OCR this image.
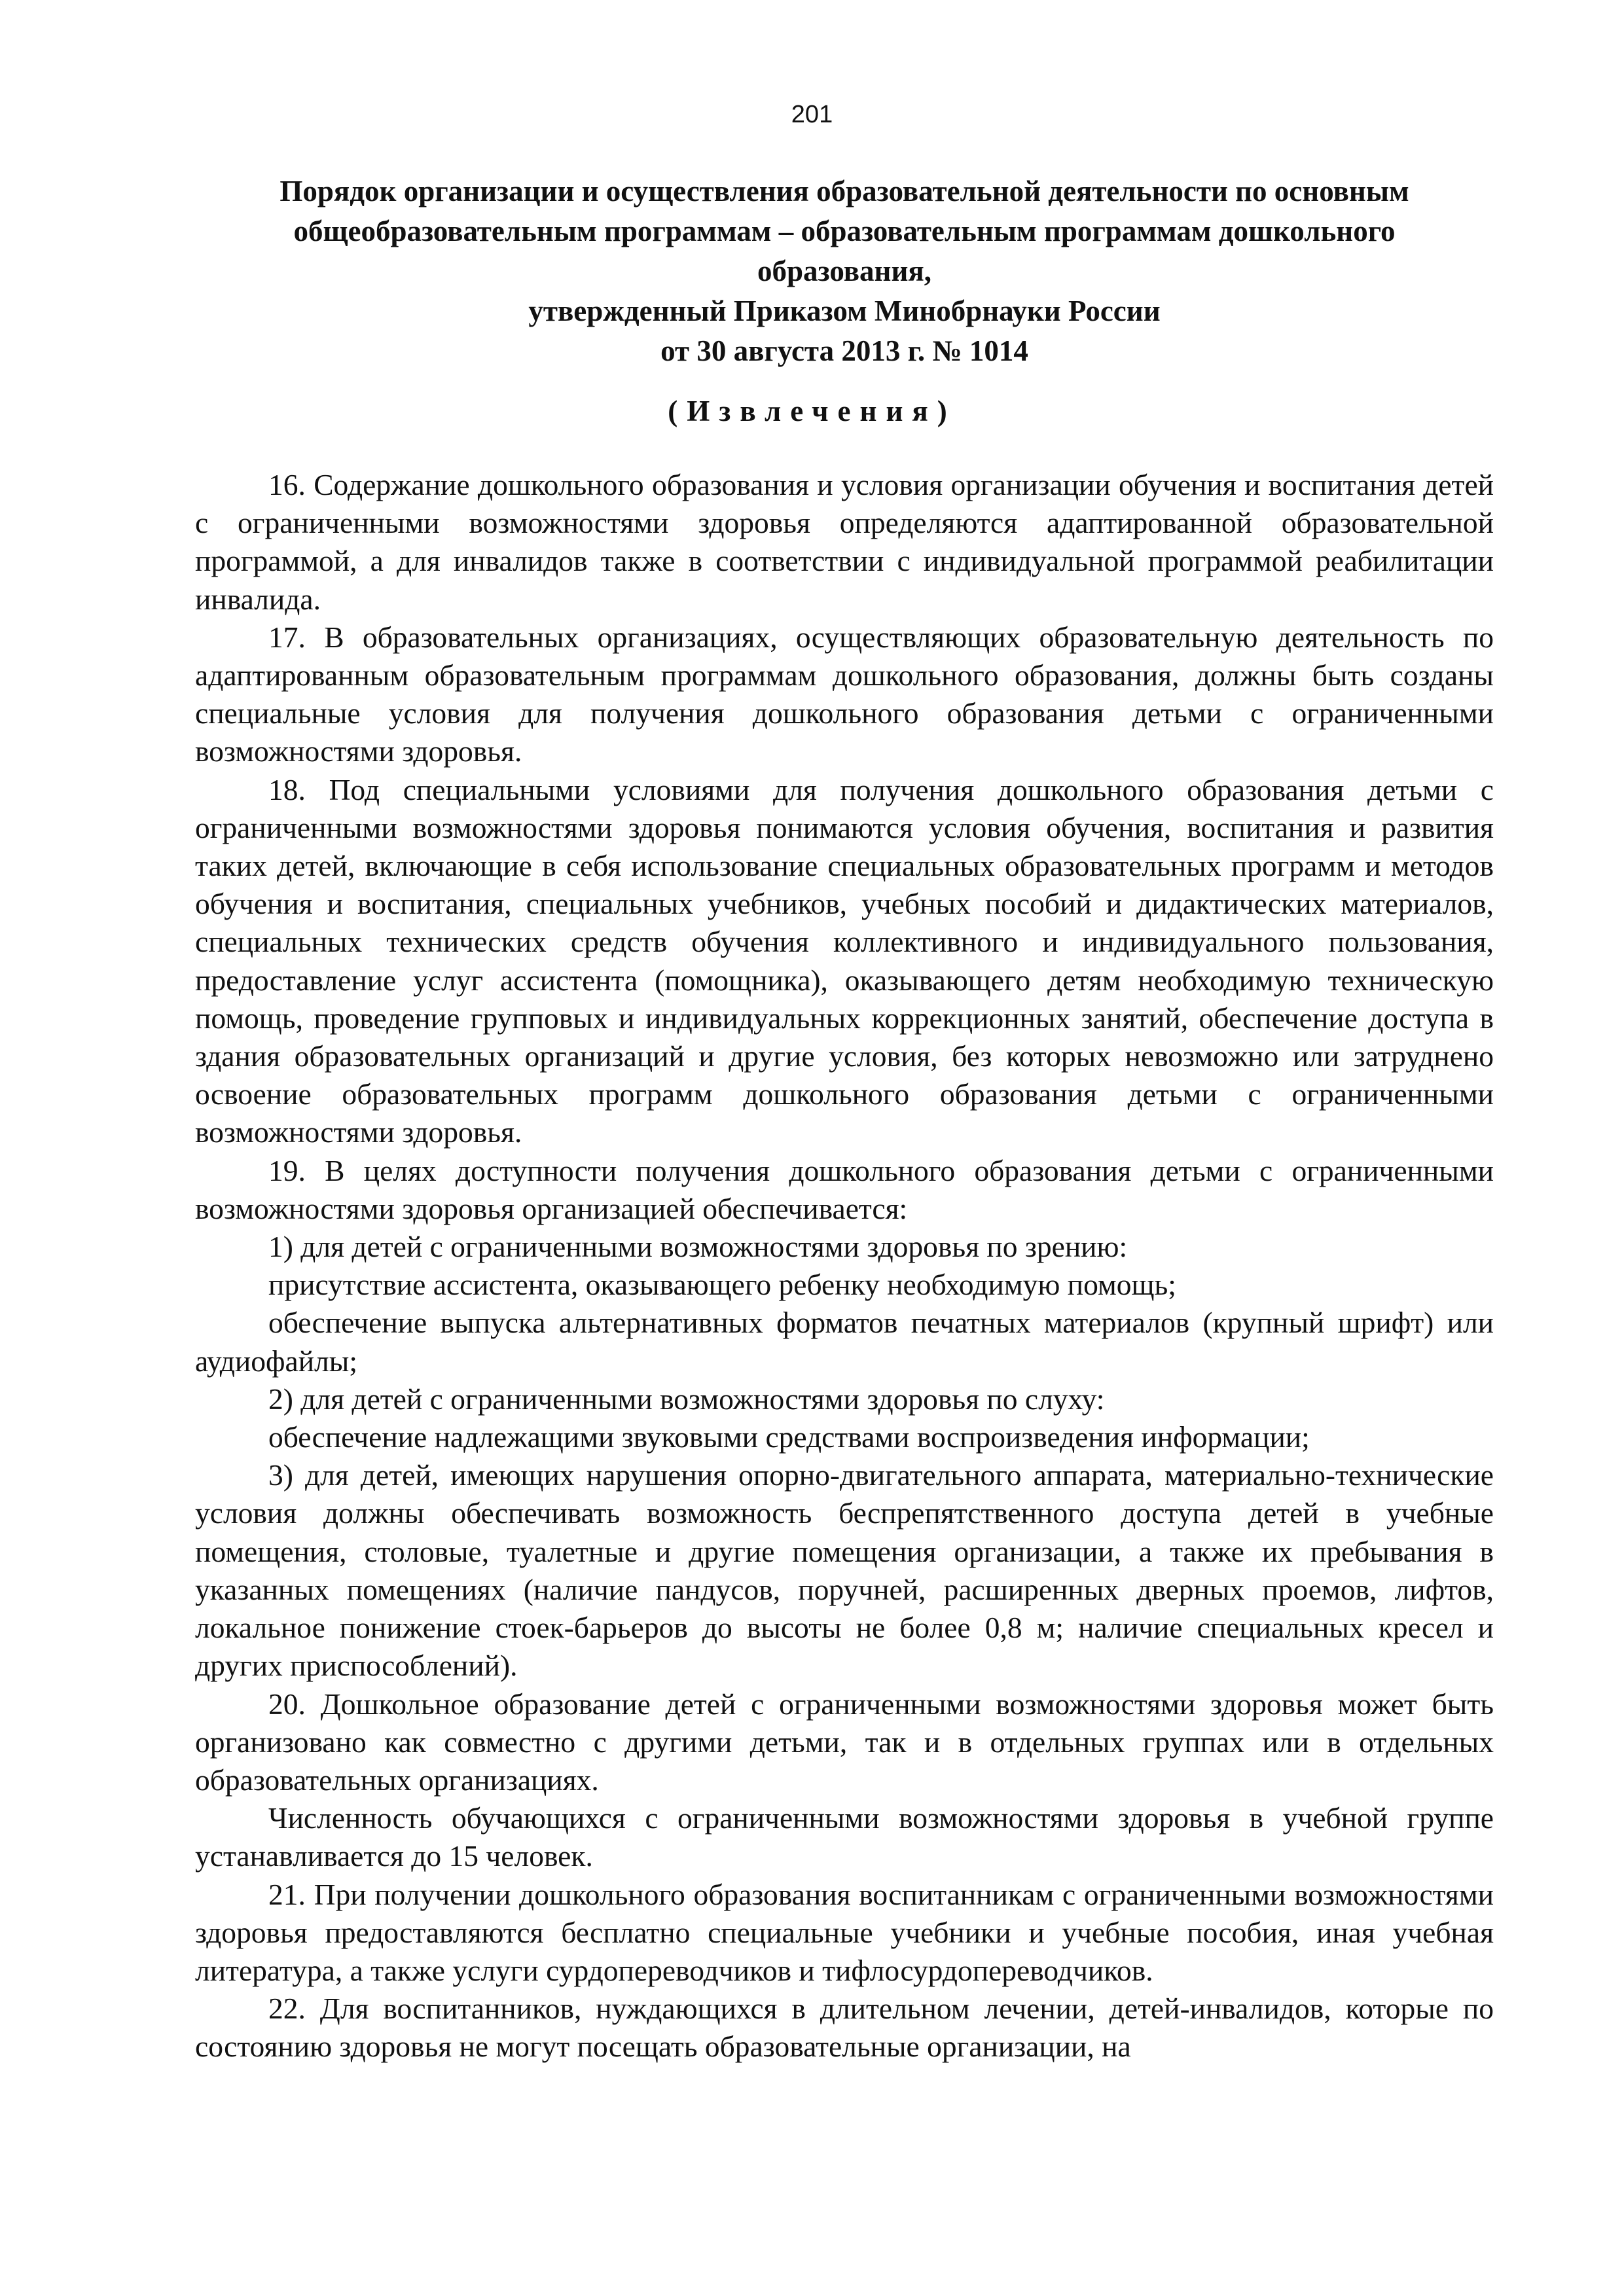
201
Порядок организации и осуществления образовательной деятельности по основным
общеобразовательным программам – образовательным программам дошкольного
образования,
утвержденный Приказом Минобрнауки России
от 30 августа 2013 г. № 1014
(Извлечения)

16. Содержание дошкольного образования и условия организации обучения и воспитания детей с ограниченными возможностями здоровья определяются адаптированной образовательной программой, а для инвалидов также в соответствии с индивидуальной программой реабилитации инвалида.

17. В образовательных организациях, осуществляющих образовательную деятельность по адаптированным образовательным программам дошкольного образования, должны быть созданы специальные условия для получения дошкольного образования детьми с ограниченными возможностями здоровья.

18. Под специальными условиями для получения дошкольного образования детьми с ограниченными возможностями здоровья понимаются условия обучения, воспитания и развития таких детей, включающие в себя использование специальных образовательных программ и методов обучения и воспитания, специальных учебников, учебных пособий и дидактических материалов, специальных технических средств обучения коллективного и индивидуального пользования, предоставление услуг ассистента (помощника), оказывающего детям необходимую техническую помощь, проведение групповых и индивидуальных коррекционных занятий, обеспечение доступа в здания образовательных организаций и другие условия, без которых невозможно или затруднено освоение образовательных программ дошкольного образования детьми с ограниченными возможностями здоровья.

19. В целях доступности получения дошкольного образования детьми с ограниченными возможностями здоровья организацией обеспечивается:

1) для детей с ограниченными возможностями здоровья по зрению:

присутствие ассистента, оказывающего ребенку необходимую помощь;

обеспечение выпуска альтернативных форматов печатных материалов (крупный шрифт) или аудиофайлы;

2) для детей с ограниченными возможностями здоровья по слуху:

обеспечение надлежащими звуковыми средствами воспроизведения информации;

3) для детей, имеющих нарушения опорно-двигательного аппарата, материально-технические условия должны обеспечивать возможность беспрепятственного доступа детей в учебные помещения, столовые, туалетные и другие помещения организации, а также их пребывания в указанных помещениях (наличие пандусов, поручней, расширенных дверных проемов, лифтов, локальное понижение стоек-барьеров до высоты не более 0,8 м; наличие специальных кресел и других приспособлений).

20. Дошкольное образование детей с ограниченными возможностями здоровья может быть организовано как совместно с другими детьми, так и в отдельных группах или в отдельных образовательных организациях.

Численность обучающихся с ограниченными возможностями здоровья в учебной группе устанавливается до 15 человек.

21. При получении дошкольного образования воспитанникам с ограниченными возможностями здоровья предоставляются бесплатно специальные учебники и учебные пособия, иная учебная литература, а также услуги сурдопереводчиков и тифлосурдопереводчиков.

22. Для воспитанников, нуждающихся в длительном лечении, детей-инвалидов, которые по состоянию здоровья не могут посещать образовательные организации, на
